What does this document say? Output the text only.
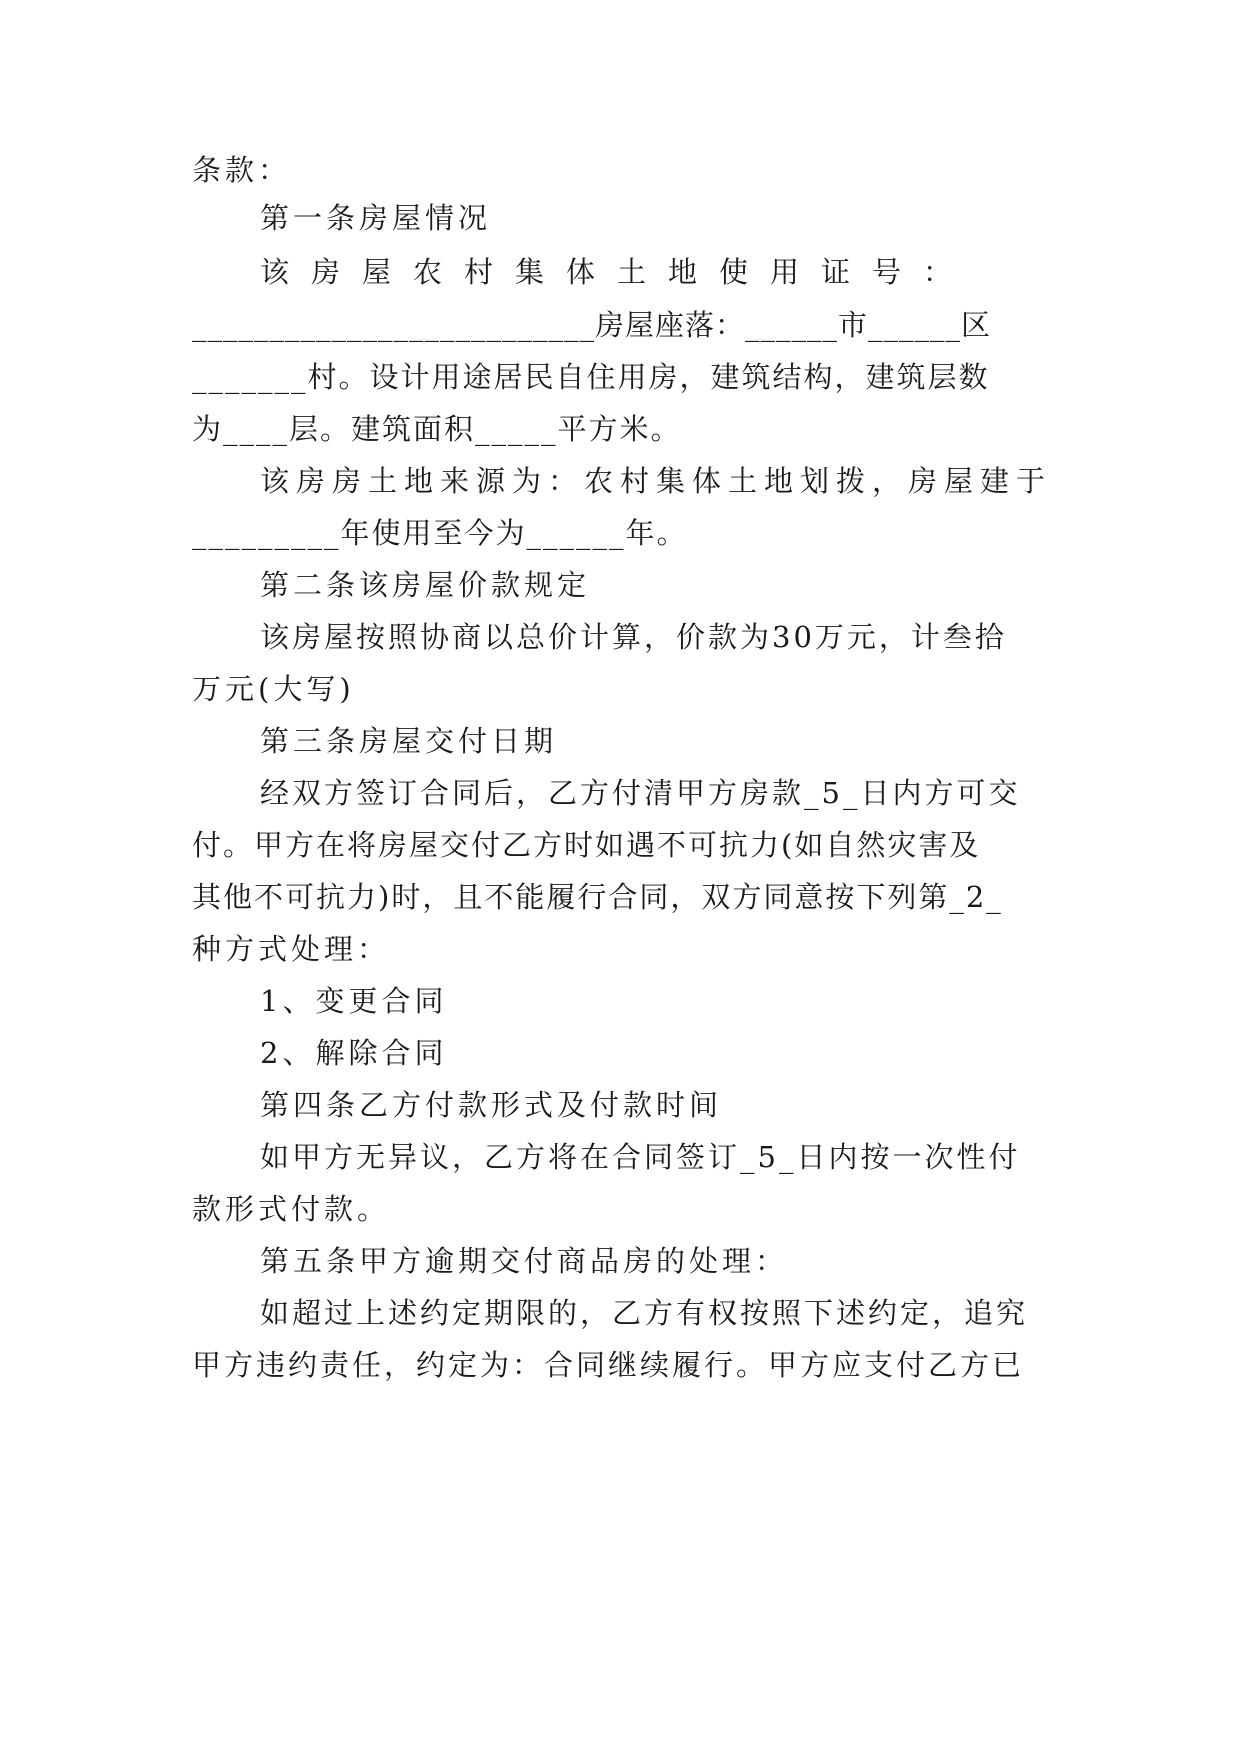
条款：
第一条房屋情况
该房屋农村集体土地使用证号：
__________________________房屋座落：______市______区
_______村。设计用途居民自住用房，建筑结构，建筑层数
为____层。建筑面积_____平方米。
该房房土地来源为：农村集体土地划拨，房屋建于
_________年使用至今为______年。
第二条该房屋价款规定
该房屋按照协商以总价计算，价款为30万元，计叁拾
万元(大写)
第三条房屋交付日期
经双方签订合同后，乙方付清甲方房款_5_日内方可交
付。甲方在将房屋交付乙方时如遇不可抗力(如自然灾害及
其他不可抗力)时，且不能履行合同，双方同意按下列第_2_
种方式处理：
1、变更合同
2、解除合同
第四条乙方付款形式及付款时间
如甲方无异议，乙方将在合同签订_5_日内按一次性付
款形式付款。
第五条甲方逾期交付商品房的处理：
如超过上述约定期限的，乙方有权按照下述约定，追究
甲方违约责任，约定为：合同继续履行。甲方应支付乙方已
